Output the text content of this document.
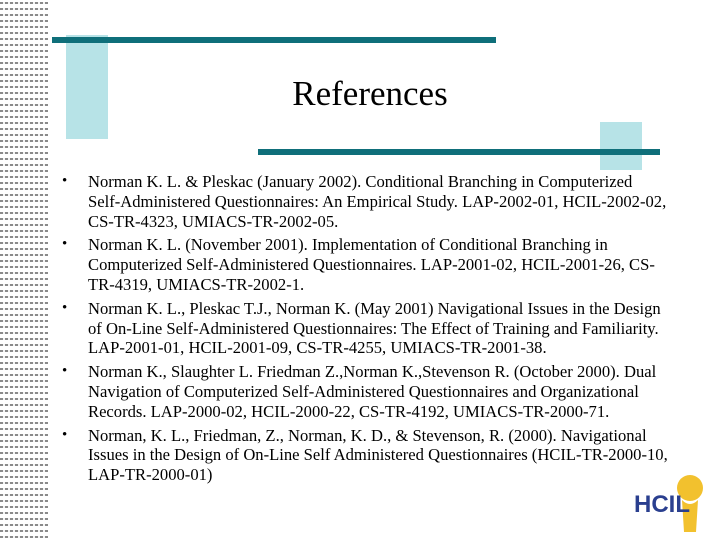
References
• Norman K. L. & Pleskac (January 2002). Conditional Branching in Computerized Self-Administered Questionnaires: An Empirical Study. LAP-2002-01, HCIL-2002-02, CS-TR-4323, UMIACS-TR-2002-05.
• Norman K. L. (November 2001). Implementation of Conditional Branching in Computerized Self-Administered Questionnaires. LAP-2001-02, HCIL-2001-26, CS-TR-4319, UMIACS-TR-2002-1.
• Norman K. L., Pleskac T.J., Norman K. (May 2001) Navigational Issues in the Design of On-Line Self-Administered Questionnaires: The Effect of Training and Familiarity. LAP-2001-01, HCIL-2001-09, CS-TR-4255, UMIACS-TR-2001-38.
• Norman K., Slaughter L. Friedman Z.,Norman K.,Stevenson R. (October 2000). Dual Navigation of Computerized Self-Administered Questionnaires and Organizational Records. LAP-2000-02, HCIL-2000-22, CS-TR-4192, UMIACS-TR-2000-71.
• Norman, K. L., Friedman, Z., Norman, K. D., & Stevenson, R. (2000). Navigational Issues in the Design of On-Line Self Administered Questionnaires (HCIL-TR-2000-10, LAP-TR-2000-01)
HCIL
